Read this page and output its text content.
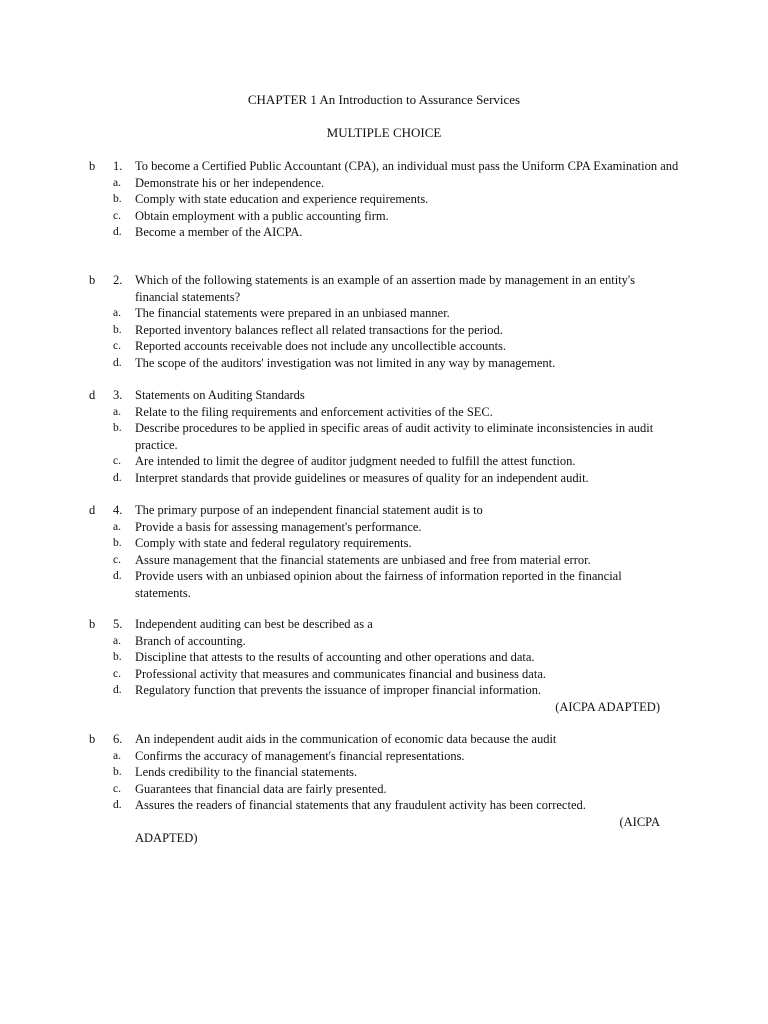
CHAPTER 1 An Introduction to Assurance Services
MULTIPLE CHOICE
b 1. To become a Certified Public Accountant (CPA), an individual must pass the Uniform CPA Examination and
a. Demonstrate his or her independence.
b. Comply with state education and experience requirements.
c. Obtain employment with a public accounting firm.
d. Become a member of the AICPA.
b 2. Which of the following statements is an example of an assertion made by management in an entity's financial statements?
a. The financial statements were prepared in an unbiased manner.
b. Reported inventory balances reflect all related transactions for the period.
c. Reported accounts receivable does not include any uncollectible accounts.
d. The scope of the auditors' investigation was not limited in any way by management.
d 3. Statements on Auditing Standards
a. Relate to the filing requirements and enforcement activities of the SEC.
b. Describe procedures to be applied in specific areas of audit activity to eliminate inconsistencies in audit practice.
c. Are intended to limit the degree of auditor judgment needed to fulfill the attest function.
d. Interpret standards that provide guidelines or measures of quality for an independent audit.
d 4. The primary purpose of an independent financial statement audit is to
a. Provide a basis for assessing management's performance.
b. Comply with state and federal regulatory requirements.
c. Assure management that the financial statements are unbiased and free from material error.
d. Provide users with an unbiased opinion about the fairness of information reported in the financial statements.
b 5. Independent auditing can best be described as a
a. Branch of accounting.
b. Discipline that attests to the results of accounting and other operations and data.
c. Professional activity that measures and communicates financial and business data.
d. Regulatory function that prevents the issuance of improper financial information.
(AICPA ADAPTED)
b 6. An independent audit aids in the communication of economic data because the audit
a. Confirms the accuracy of management's financial representations.
b. Lends credibility to the financial statements.
c. Guarantees that financial data are fairly presented.
d. Assures the readers of financial statements that any fraudulent activity has been corrected.
(AICPA
ADAPTED)
